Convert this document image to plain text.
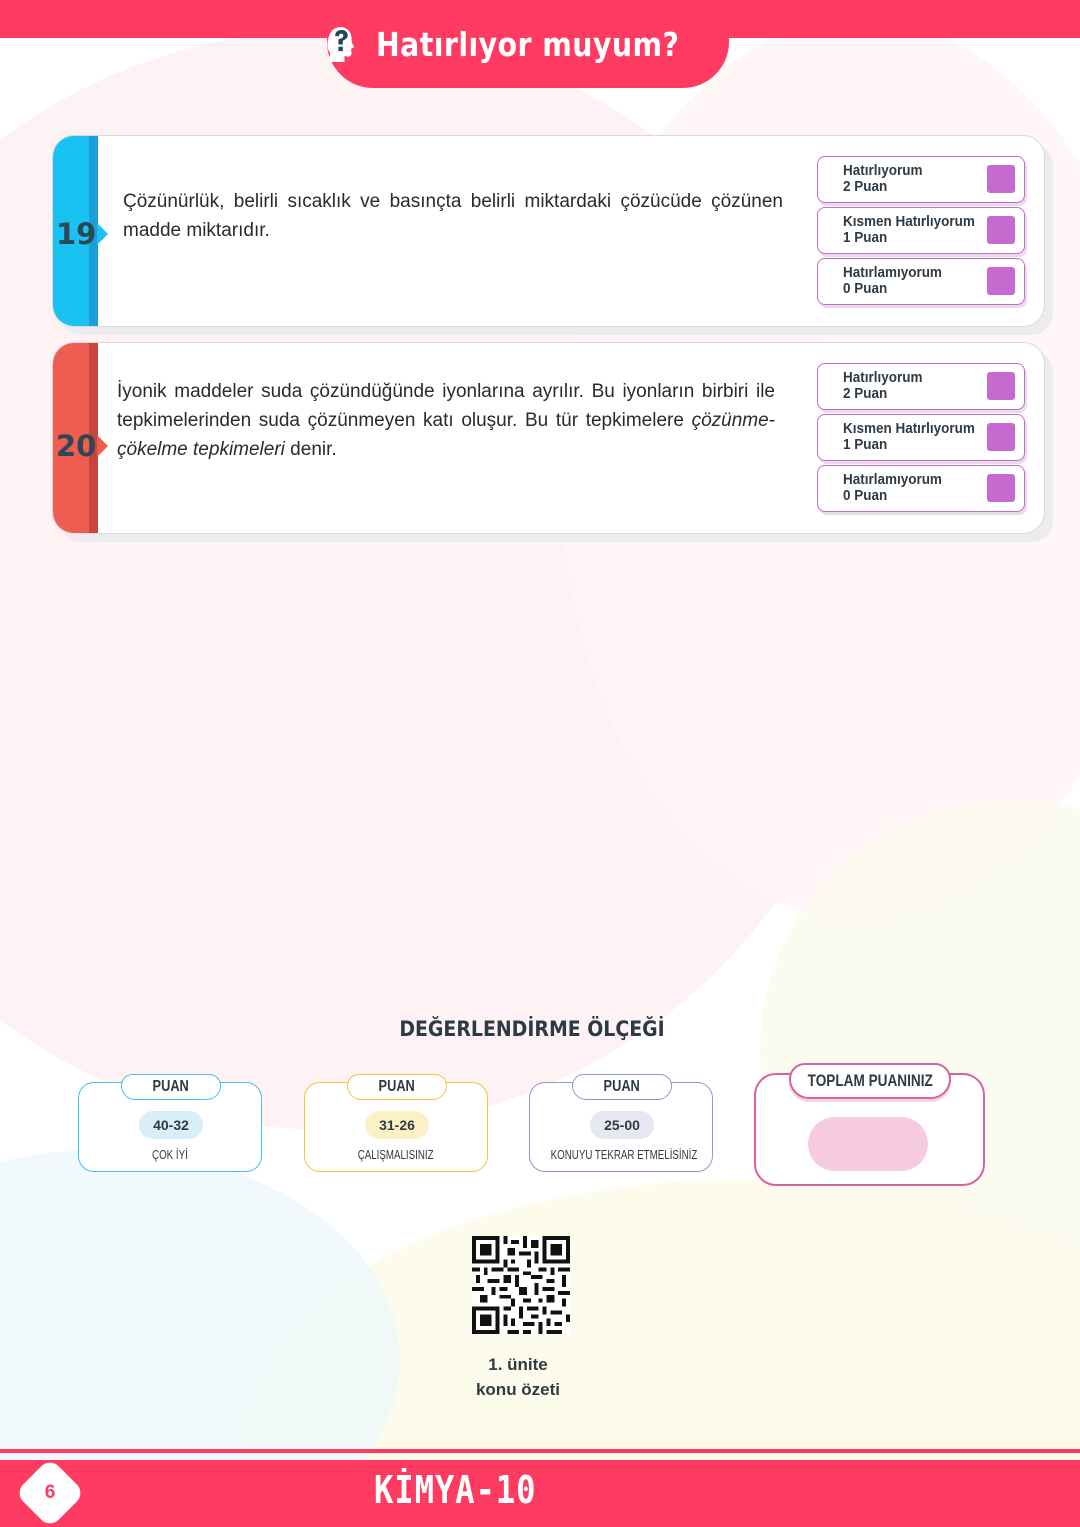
Hatırlıyor muyum?
19
Çözünürlük, belirli sıcaklık ve basınçta belirli miktardaki çözücüde çözünen madde miktarıdır.
Hatırlıyorum
2 Puan
Kısmen Hatırlıyorum
1 Puan
Hatırlamıyorum
0 Puan
20
İyonik maddeler suda çözündüğünde iyonlarına ayrılır. Bu iyonların birbiri ile tepkimelerinden suda çözünmeyen katı oluşur. Bu tür tepkimelere çözünme-çökelme tepkimeleri denir.
Hatırlıyorum
2 Puan
Kısmen Hatırlıyorum
1 Puan
Hatırlamıyorum
0 Puan
DEĞERLENDİRME ÖLÇEĞİ
PUAN
40-32
ÇOK İYİ
PUAN
31-26
ÇALIŞMALISINIZ
PUAN
25-00
KONUYU TEKRAR ETMELİSİNİZ
TOPLAM PUANINIZ
1. ünite
konu özeti
6	KİMYA-10
